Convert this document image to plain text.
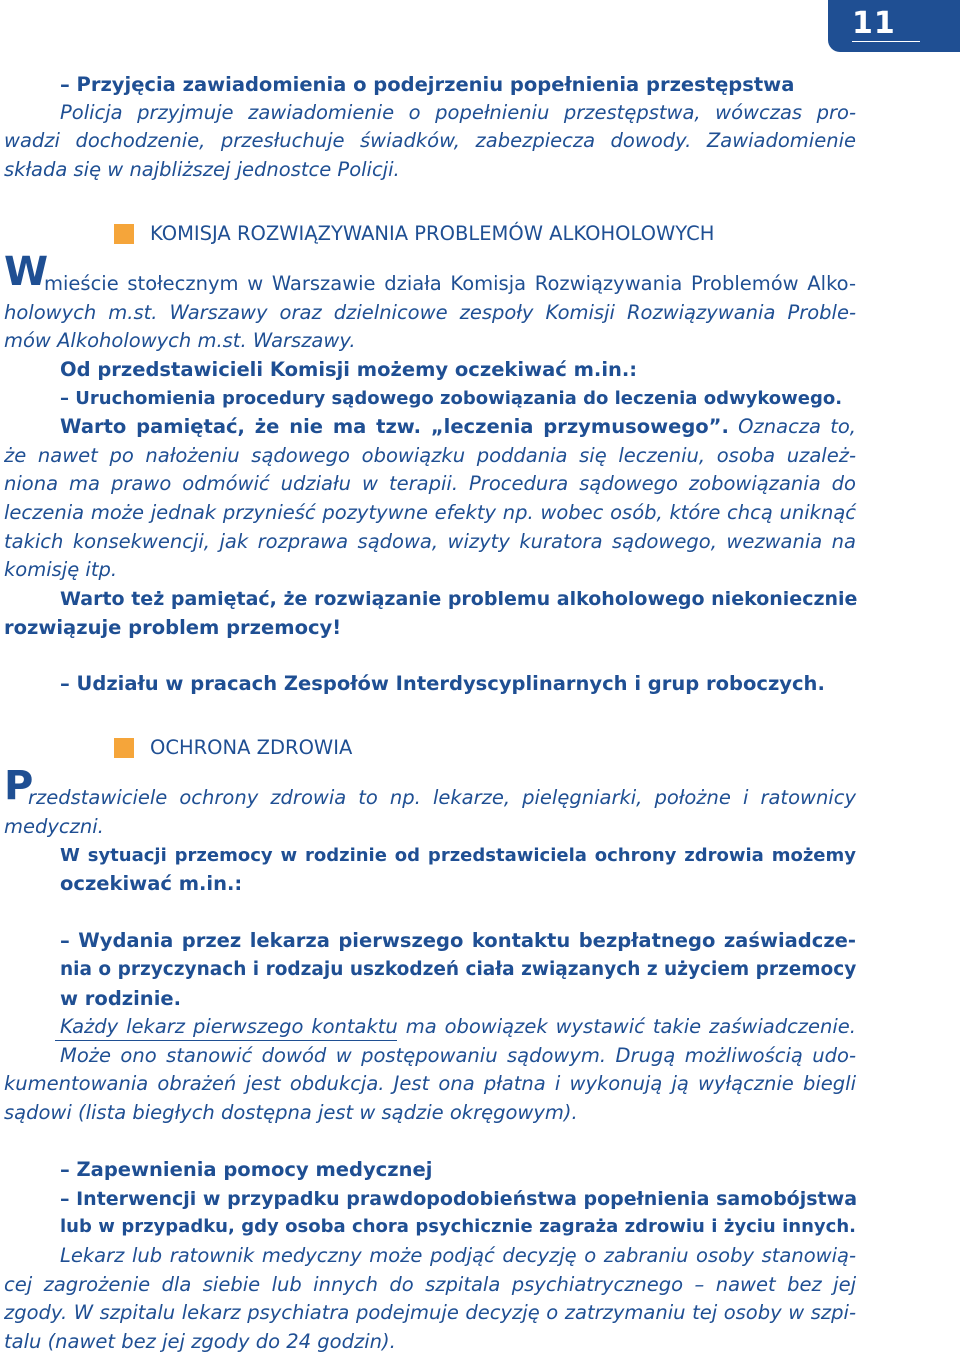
11
– Przyjęcia zawiadomienia o podejrzeniu popełnienia przestępstwa
Policja przyjmuje zawiadomienie o popełnieniu przestępstwa, wówczas pro-
wadzi dochodzenie, przesłuchuje świadków, zabezpiecza dowody. Zawiadomienie
składa się w najbliższej jednostce Policji.
KOMISJA ROZWIĄZYWANIA PROBLEMÓW ALKOHOLOWYCH
W
mieście stołecznym w Warszawie działa Komisja Rozwiązywania Problemów Alko-
holowych m.st. Warszawy oraz dzielnicowe zespoły Komisji Rozwiązywania Proble-
mów Alkoholowych m.st. Warszawy.
Od przedstawicieli Komisji możemy oczekiwać m.in.:
– Uruchomienia procedury sądowego zobowiązania do leczenia odwykowego.
Warto pamiętać, że nie ma tzw. „leczenia przymusowego”. Oznacza to,
że nawet po nałożeniu sądowego obowiązku poddania się leczeniu, osoba uzależ-
niona ma prawo odmówić udziału w terapii. Procedura sądowego zobowiązania do
leczenia może jednak przynieść pozytywne efekty np. wobec osób, które chcą uniknąć
takich konsekwencji, jak rozprawa sądowa, wizyty kuratora sądowego, wezwania na
komisję itp.
Warto też pamiętać, że rozwiązanie problemu alkoholowego niekoniecznie
rozwiązuje problem przemocy!
– Udziału w pracach Zespołów Interdyscyplinarnych i grup roboczych.
OCHRONA ZDROWIA
P
rzedstawiciele ochrony zdrowia to np. lekarze, pielęgniarki, położne i ratownicy
medyczni.
W sytuacji przemocy w rodzinie od przedstawiciela ochrony zdrowia możemy
oczekiwać m.in.:
– Wydania przez lekarza pierwszego kontaktu bezpłatnego zaświadcze-
nia o przyczynach i rodzaju uszkodzeń ciała związanych z użyciem przemocy
w rodzinie.
Każdy lekarz pierwszego kontaktu ma obowiązek wystawić takie zaświadczenie.
Może ono stanowić dowód w postępowaniu sądowym. Drugą możliwością udo-
kumentowania obrażeń jest obdukcja. Jest ona płatna i wykonują ją wyłącznie biegli
sądowi (lista biegłych dostępna jest w sądzie okręgowym).
– Zapewnienia pomocy medycznej
– Interwencji w przypadku prawdopodobieństwa popełnienia samobójstwa
lub w przypadku, gdy osoba chora psychicznie zagraża zdrowiu i życiu innych.
Lekarz lub ratownik medyczny może podjąć decyzję o zabraniu osoby stanowią-
cej zagrożenie dla siebie lub innych do szpitala psychiatrycznego – nawet bez jej
zgody. W szpitalu lekarz psychiatra podejmuje decyzję o zatrzymaniu tej osoby w szpi-
talu (nawet bez jej zgody do 24 godzin).
